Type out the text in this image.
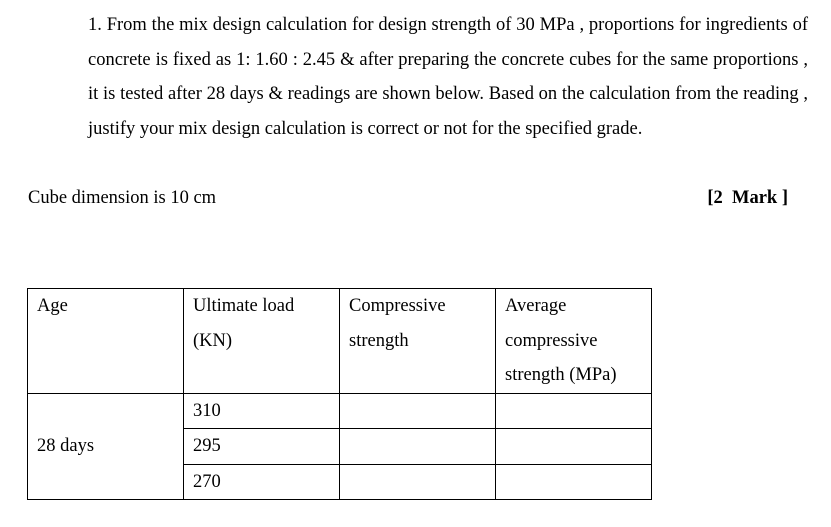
1. From the mix design calculation for design strength of 30 MPa , proportions for ingredients of concrete is fixed as 1: 1.60 : 2.45 & after preparing the concrete cubes for the same proportions , it is tested after 28 days & readings are shown below. Based on the calculation from the reading , justify your mix design calculation is correct or not for the specified grade.
Cube dimension is 10 cm	[2  Mark ]
Age	Ultimate load (KN)	Compressive strength	Average compressive strength (MPa)
28 days	310		
	295		
	270		
